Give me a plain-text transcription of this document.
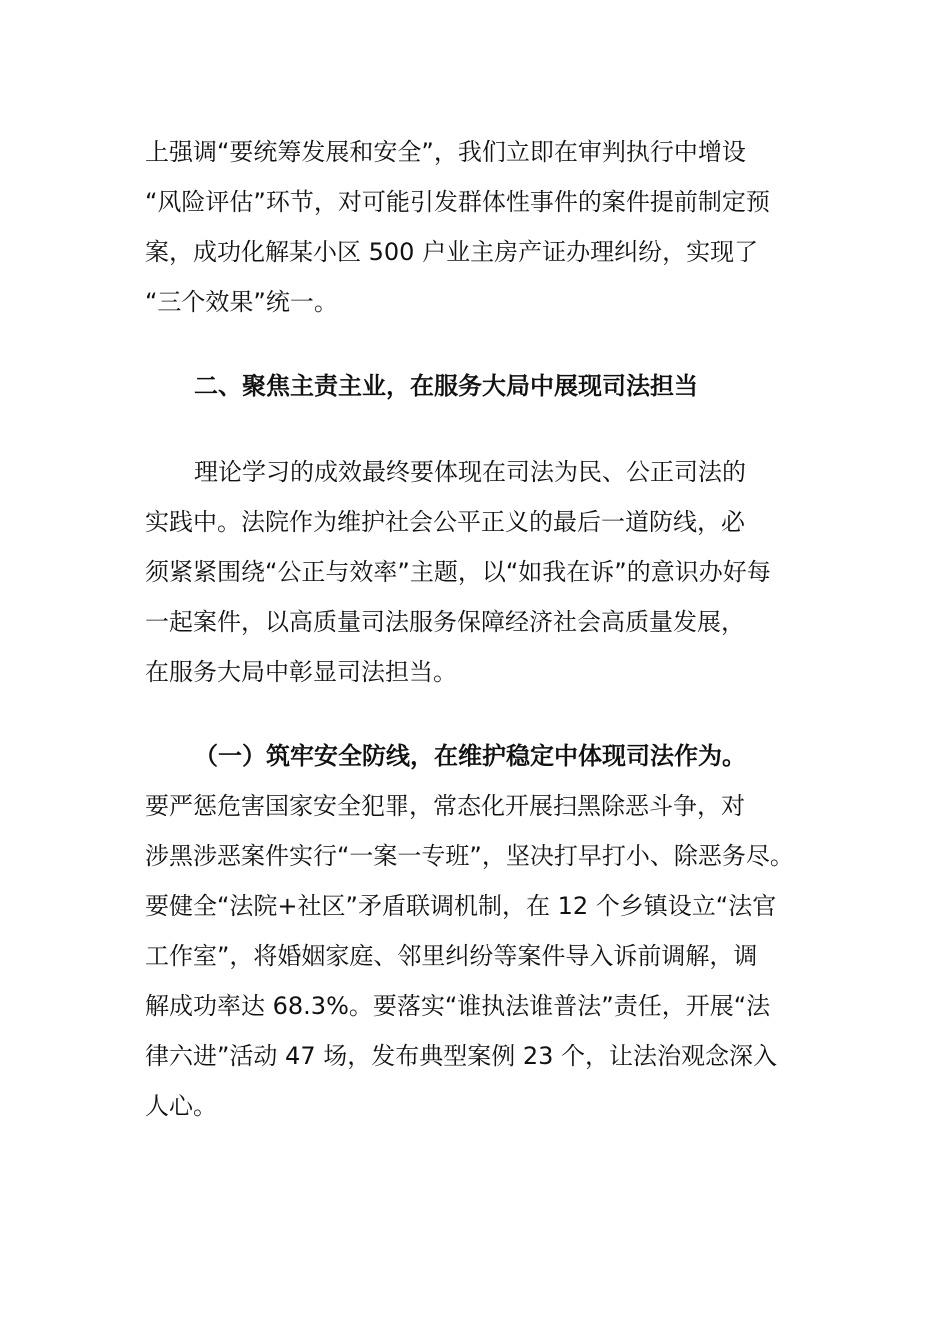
上强调“要统筹发展和安全”，我们立即在审判执行中增设
“风险评估”环节，对可能引发群体性事件的案件提前制定预
案，成功化解某小区 500 户业主房产证办理纠纷，实现了
“三个效果”统一。
二、聚焦主责主业，在服务大局中展现司法担当
理论学习的成效最终要体现在司法为民、公正司法的
实践中。法院作为维护社会公平正义的最后一道防线，必
须紧紧围绕“公正与效率”主题，以“如我在诉”的意识办好每
一起案件，以高质量司法服务保障经济社会高质量发展，
在服务大局中彰显司法担当。
（一）筑牢安全防线，在维护稳定中体现司法作为。
要严惩危害国家安全犯罪，常态化开展扫黑除恶斗争，对
涉黑涉恶案件实行“一案一专班”，坚决打早打小、除恶务尽。
要健全“法院+社区”矛盾联调机制，在 12 个乡镇设立“法官
工作室”，将婚姻家庭、邻里纠纷等案件导入诉前调解，调
解成功率达 68.3%。要落实“谁执法谁普法”责任，开展“法
律六进”活动 47 场，发布典型案例 23 个，让法治观念深入
人心。
